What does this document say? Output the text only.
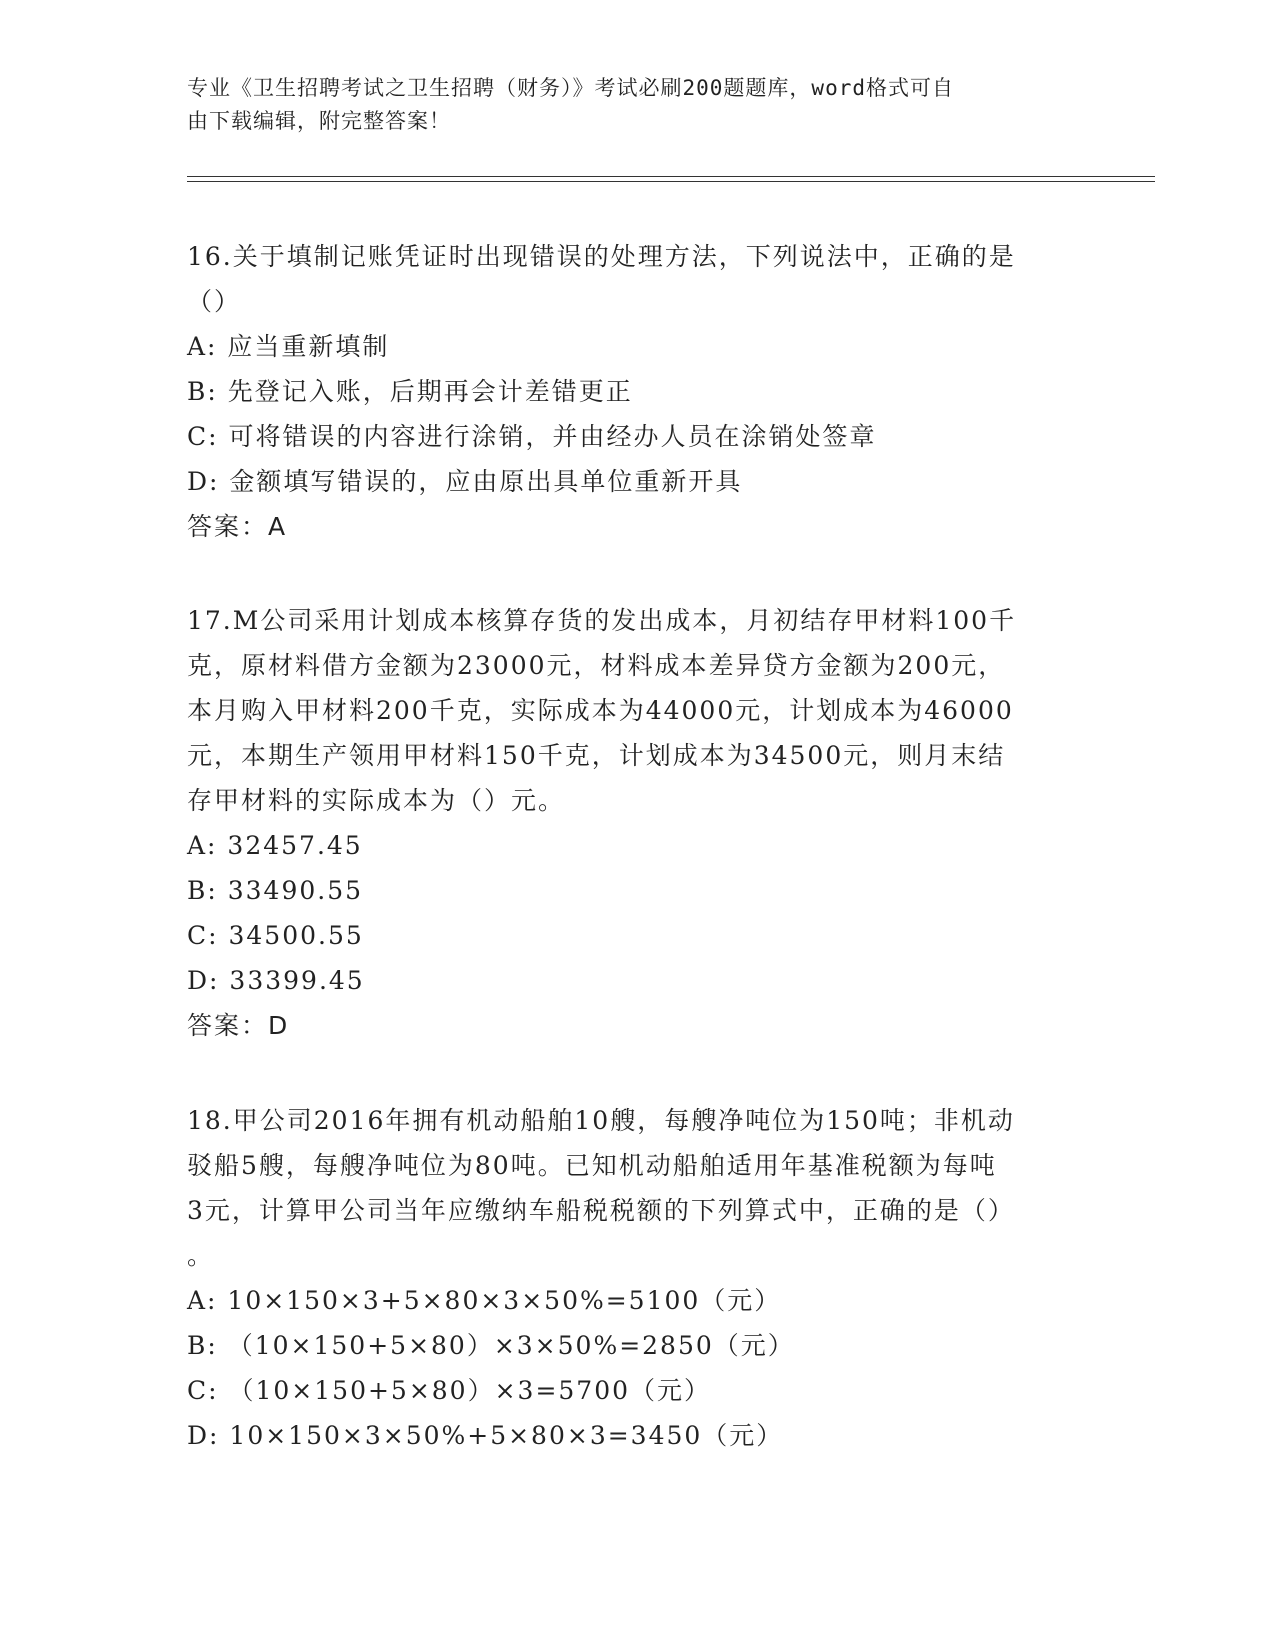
专业《卫生招聘考试之卫生招聘（财务）》考试必刷200题题库，word格式可自
由下载编辑，附完整答案！

16.关于填制记账凭证时出现错误的处理方法，下列说法中，正确的是

（）

A: 应当重新填制

B: 先登记入账，后期再会计差错更正

C: 可将错误的内容进行涂销，并由经办人员在涂销处签章

D: 金额填写错误的，应由原出具单位重新开具

答案：A

17.M公司采用计划成本核算存货的发出成本，月初结存甲材料100千

克，原材料借方金额为23000元，材料成本差异贷方金额为200元，

本月购入甲材料200千克，实际成本为44000元，计划成本为46000

元，本期生产领用甲材料150千克，计划成本为34500元，则月末结

存甲材料的实际成本为（）元。

A: 32457.45

B: 33490.55

C: 34500.55

D: 33399.45

答案：D

18.甲公司2016年拥有机动船舶10艘，每艘净吨位为150吨；非机动

驳船5艘，每艘净吨位为80吨。已知机动船舶适用年基准税额为每吨

3元，计算甲公司当年应缴纳车船税税额的下列算式中，正确的是（）

。

A: 10×150×3+5×80×3×50%=5100（元）

B: （10×150+5×80）×3×50%=2850（元）

C: （10×150+5×80）×3=5700（元）

D: 10×150×3×50%+5×80×3=3450（元）
